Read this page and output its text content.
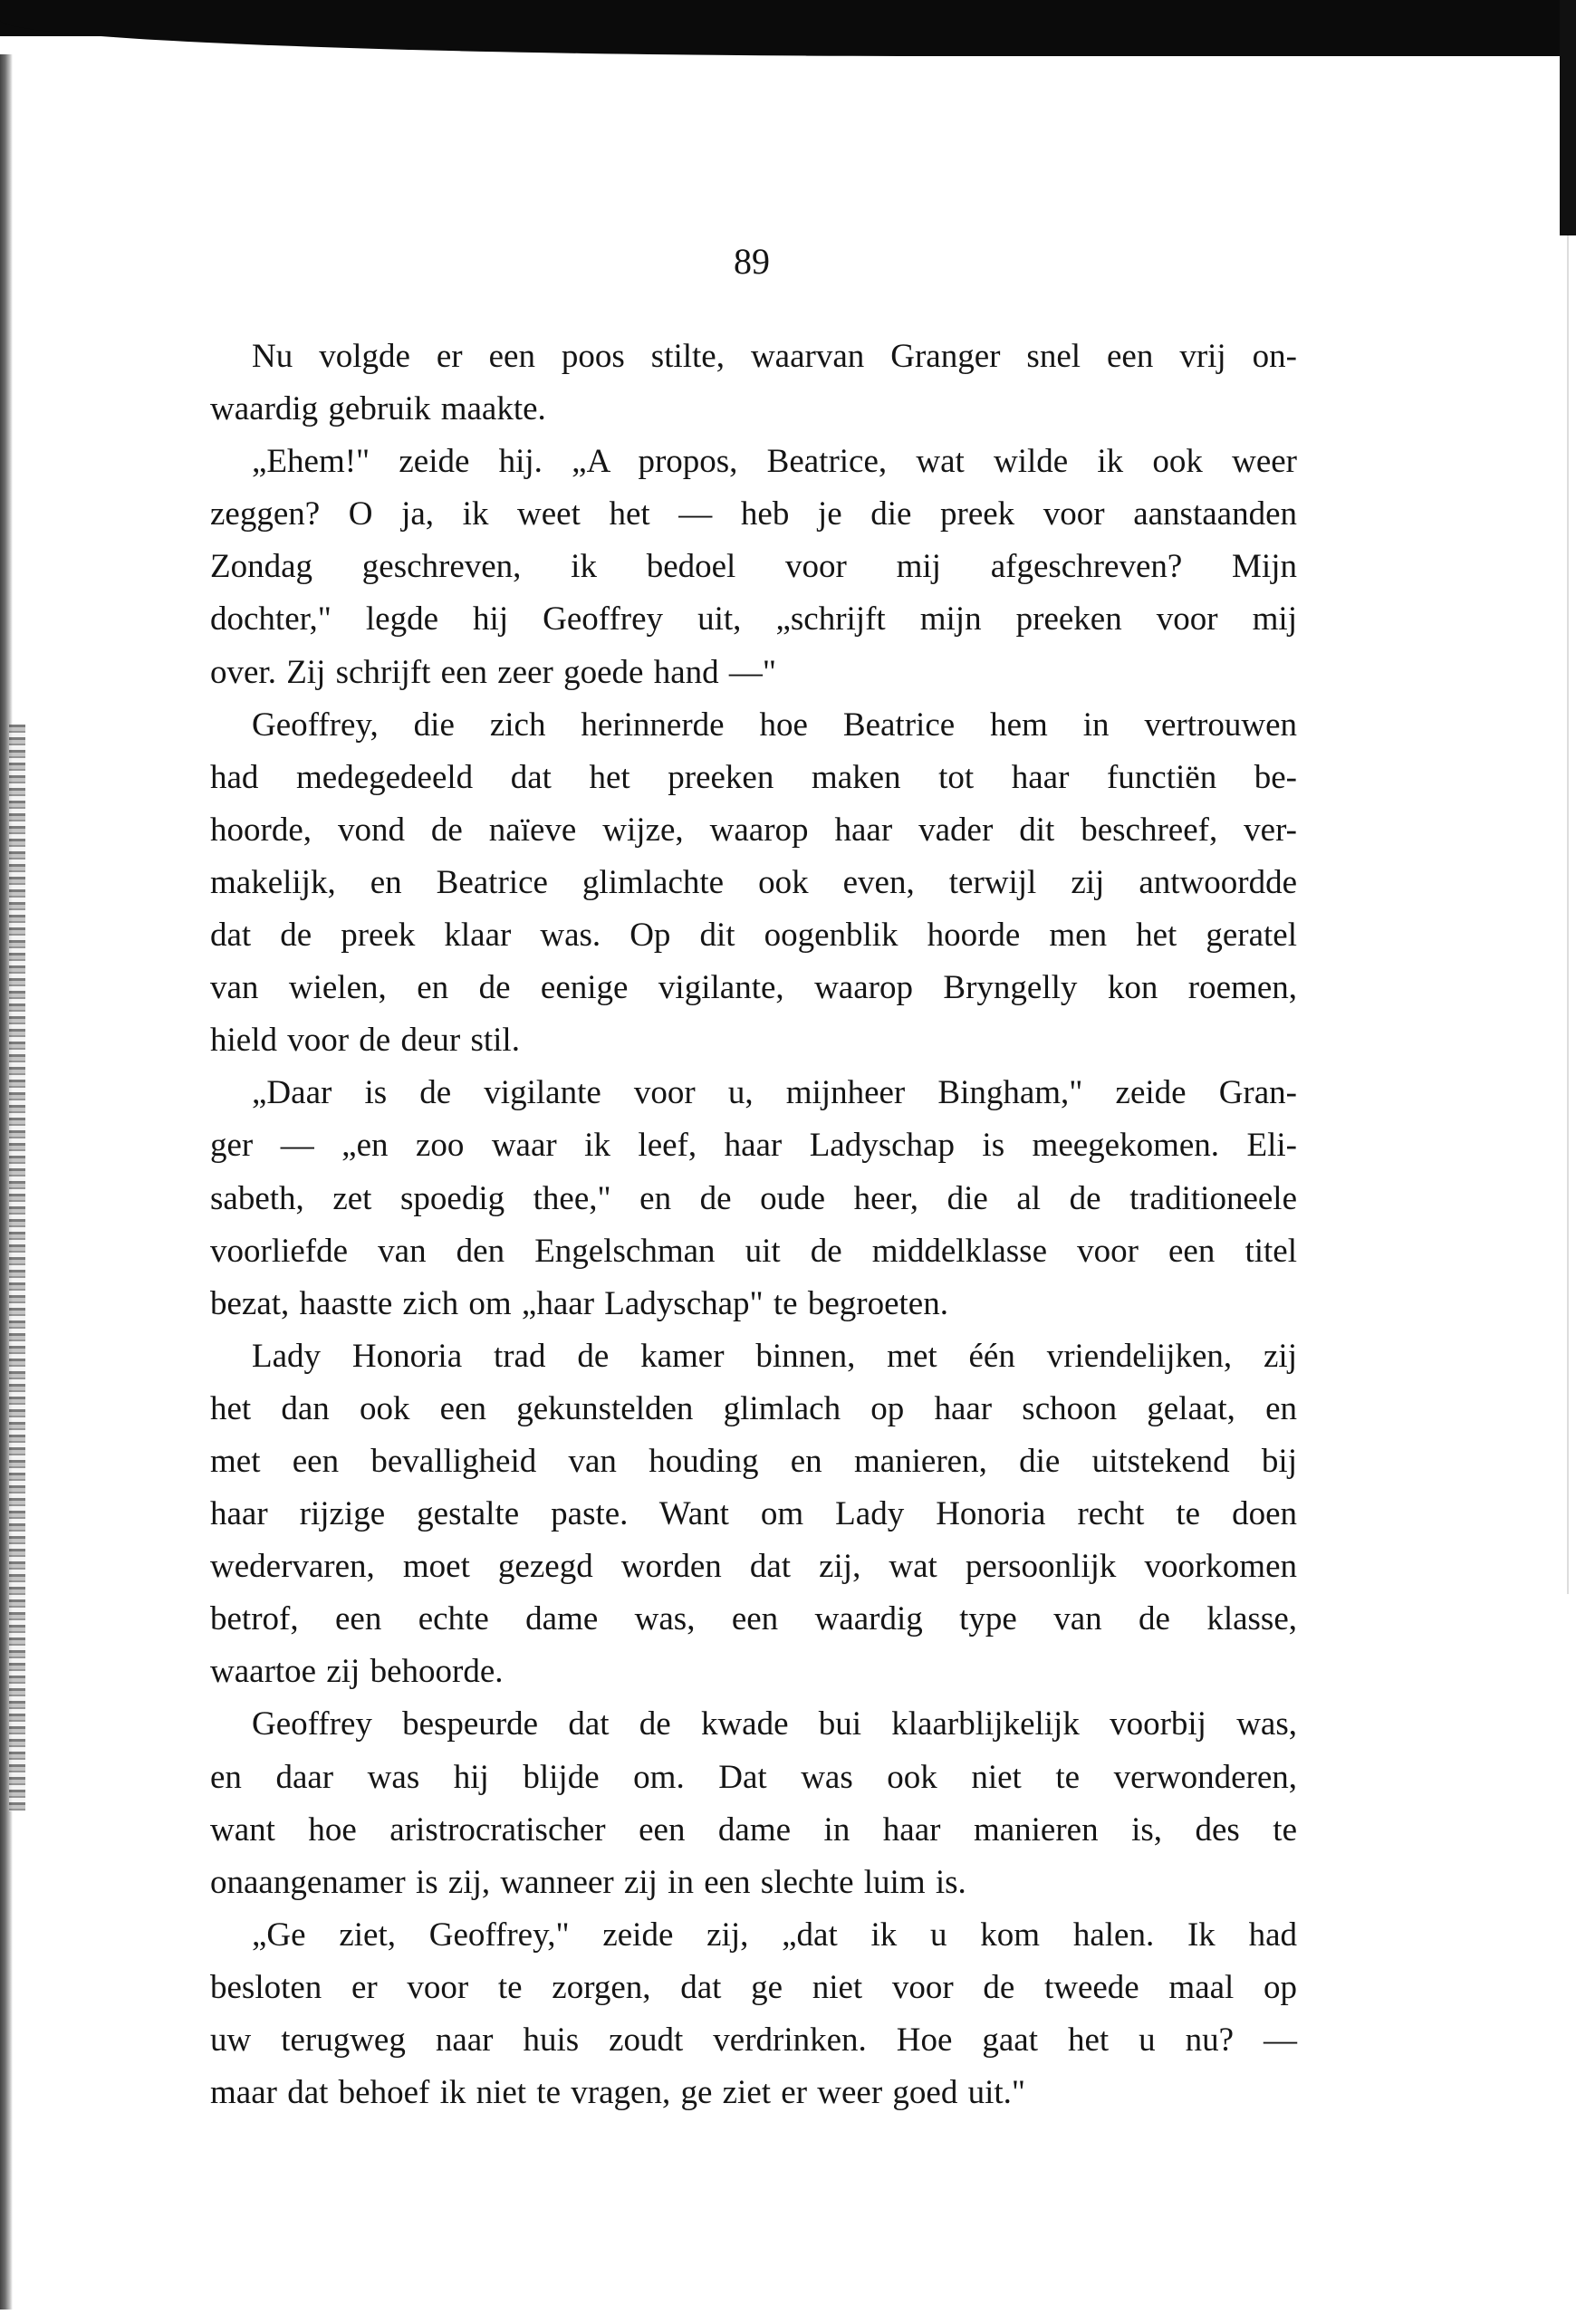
89
Nu volgde er een poos stilte, waarvan Granger snel een vrij on-
waardig gebruik maakte.
„Ehem!" zeide hij. „A propos, Beatrice, wat wilde ik ook weer
zeggen? O ja, ik weet het — heb je die preek voor aanstaanden
Zondag geschreven, ik bedoel voor mij afgeschreven? Mijn
dochter," legde hij Geoffrey uit, „schrijft mijn preeken voor mij
over. Zij schrijft een zeer goede hand —"
Geoffrey, die zich herinnerde hoe Beatrice hem in vertrouwen
had medegedeeld dat het preeken maken tot haar functiën be-
hoorde, vond de naïeve wijze, waarop haar vader dit beschreef, ver-
makelijk, en Beatrice glimlachte ook even, terwijl zij antwoordde
dat de preek klaar was. Op dit oogenblik hoorde men het geratel
van wielen, en de eenige vigilante, waarop Bryngelly kon roemen,
hield voor de deur stil.
„Daar is de vigilante voor u, mijnheer Bingham," zeide Gran-
ger — „en zoo waar ik leef, haar Ladyschap is meegekomen. Eli-
sabeth, zet spoedig thee," en de oude heer, die al de traditioneele
voorliefde van den Engelschman uit de middelklasse voor een titel
bezat, haastte zich om „haar Ladyschap" te begroeten.
Lady Honoria trad de kamer binnen, met één vriendelijken, zij
het dan ook een gekunstelden glimlach op haar schoon gelaat, en
met een bevalligheid van houding en manieren, die uitstekend bij
haar rijzige gestalte paste. Want om Lady Honoria recht te doen
wedervaren, moet gezegd worden dat zij, wat persoonlijk voorkomen
betrof, een echte dame was, een waardig type van de klasse,
waartoe zij behoorde.
Geoffrey bespeurde dat de kwade bui klaarblijkelijk voorbij was,
en daar was hij blijde om. Dat was ook niet te verwonderen,
want hoe aristrocratischer een dame in haar manieren is, des te
onaangenamer is zij, wanneer zij in een slechte luim is.
„Ge ziet, Geoffrey," zeide zij, „dat ik u kom halen. Ik had
besloten er voor te zorgen, dat ge niet voor de tweede maal op
uw terugweg naar huis zoudt verdrinken. Hoe gaat het u nu? —
maar dat behoef ik niet te vragen, ge ziet er weer goed uit."
